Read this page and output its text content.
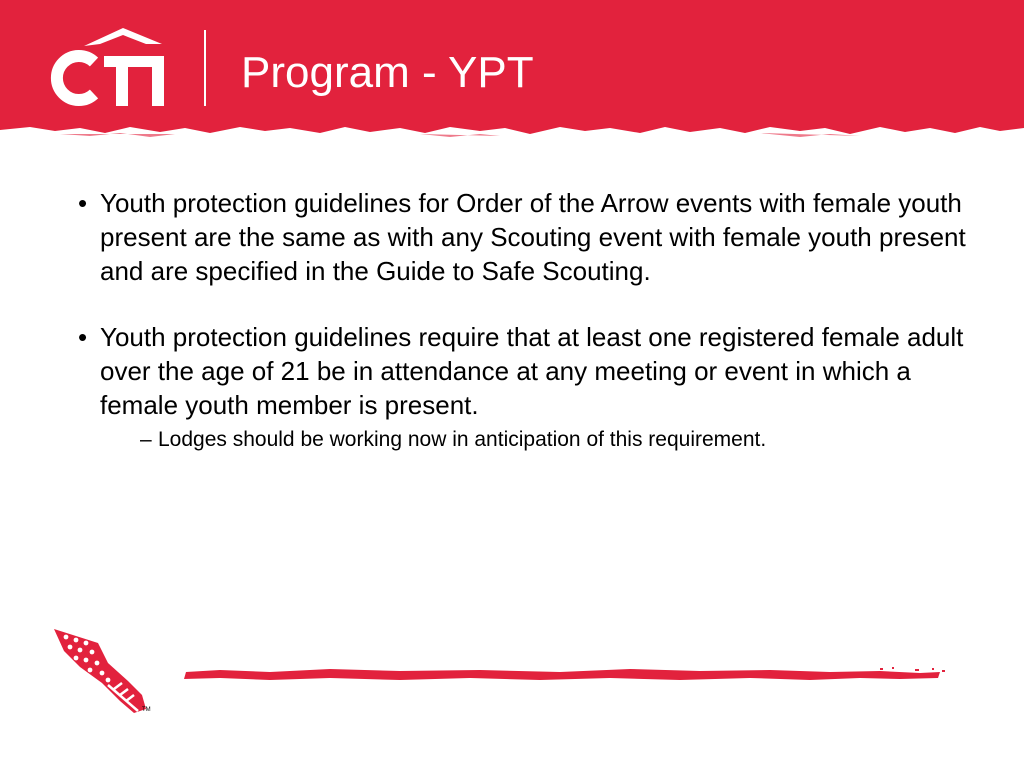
Program - YPT
• Youth protection guidelines for Order of the Arrow events with female youth present are the same as with any Scouting event with female youth present and are specified in the Guide to Safe Scouting.
• Youth protection guidelines require that at least one registered female adult over the age of 21 be in attendance at any meeting or event in which a female youth member is present.
– Lodges should be working now in anticipation of this requirement.
TM
